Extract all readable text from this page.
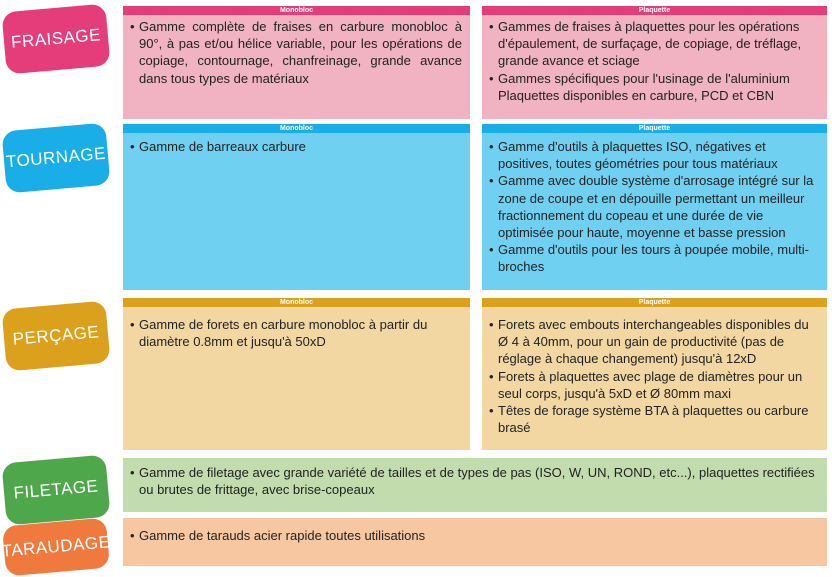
FRAISAGE
Monobloc
• Gamme complète de fraises en carbure monobloc à 90°, à pas et/ou hélice variable, pour les opérations de copiage, contournage, chanfreinage, grande avance dans tous types de matériaux
Plaquette
• Gammes de fraises à plaquettes pour les opérations d'épaulement, de surfaçage, de copiage, de tréflage, grande avance et sciage
• Gammes spécifiques pour l'usinage de l'aluminium Plaquettes disponibles en carbure, PCD et CBN
TOURNAGE
Monobloc
• Gamme de barreaux carbure
Plaquette
• Gamme d'outils à plaquettes ISO, négatives et positives, toutes géométries pour tous matériaux
• Gamme avec double système d'arrosage intégré sur la zone de coupe et en dépouille permettant un meilleur fractionnement du copeau et une durée de vie optimisée pour haute, moyenne et basse pression
• Gamme d'outils pour les tours à poupée mobile, multi-broches
PERÇAGE
Monobloc
• Gamme de forets en carbure monobloc à partir du diamètre 0.8mm et jusqu'à 50xD
Plaquette
• Forets avec embouts interchangeables disponibles du Ø 4 à 40mm, pour un gain de productivité (pas de réglage à chaque changement) jusqu'à 12xD
• Forets à plaquettes avec plage de diamètres pour un seul corps, jusqu'à 5xD et Ø 80mm maxi
• Têtes de forage système BTA à plaquettes ou carbure brasé
FILETAGE
• Gamme de filetage avec grande variété de tailles et de types de pas (ISO, W, UN, ROND, etc...), plaquettes rectifiées ou brutes de frittage, avec brise-copeaux
TARAUDAGE
• Gamme de tarauds acier rapide toutes utilisations
